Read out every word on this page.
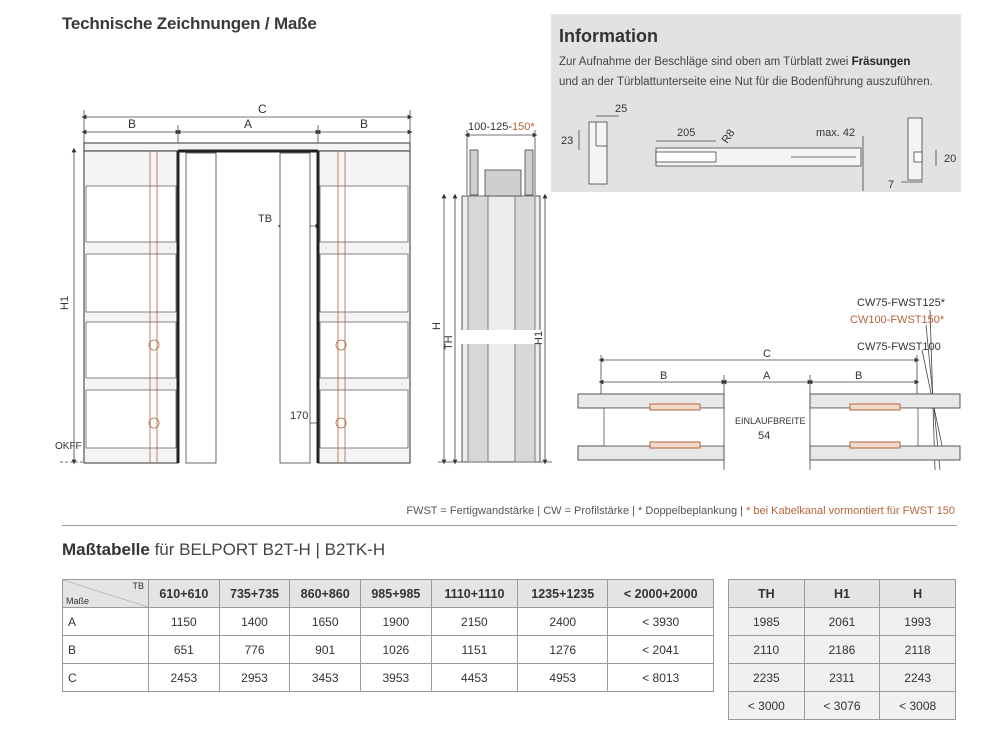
Technische Zeichnungen / Maße
C
B	A	B
TB
H1
OKFF
170
100-125-150*
H
TH	H1
CW75-FWST125*
CW100-FWST150*
CW75-FWST100
C
B	A	B
EINLAUFBREITE
54
Information
Zur Aufnahme der Beschläge sind oben am Türblatt zwei Fräsungen
und an der Türblattunterseite eine Nut für die Bodenführung auszuführen.
25
23
205 R8	max. 42
20
7
FWST = Fertigwandstärke | CW = Profilstärke | * Doppelbeplankung | * bei Kabelkanal vormontiert für FWST 150
Maßtabelle für BELPORT B2T-H | B2TK-H
TB
Maße	610+610	735+735	860+860	985+985	1110+1110	1235+1235	< 2000+2000
A	1150	1400	1650	1900	2150	2400	< 3930
B	651	776	901	1026	1151	1276	< 2041
C	2453	2953	3453	3953	4453	4953	< 8013
TH	H1	H
1985	2061	1993
2110	2186	2118
2235	2311	2243
< 3000	< 3076	< 3008
